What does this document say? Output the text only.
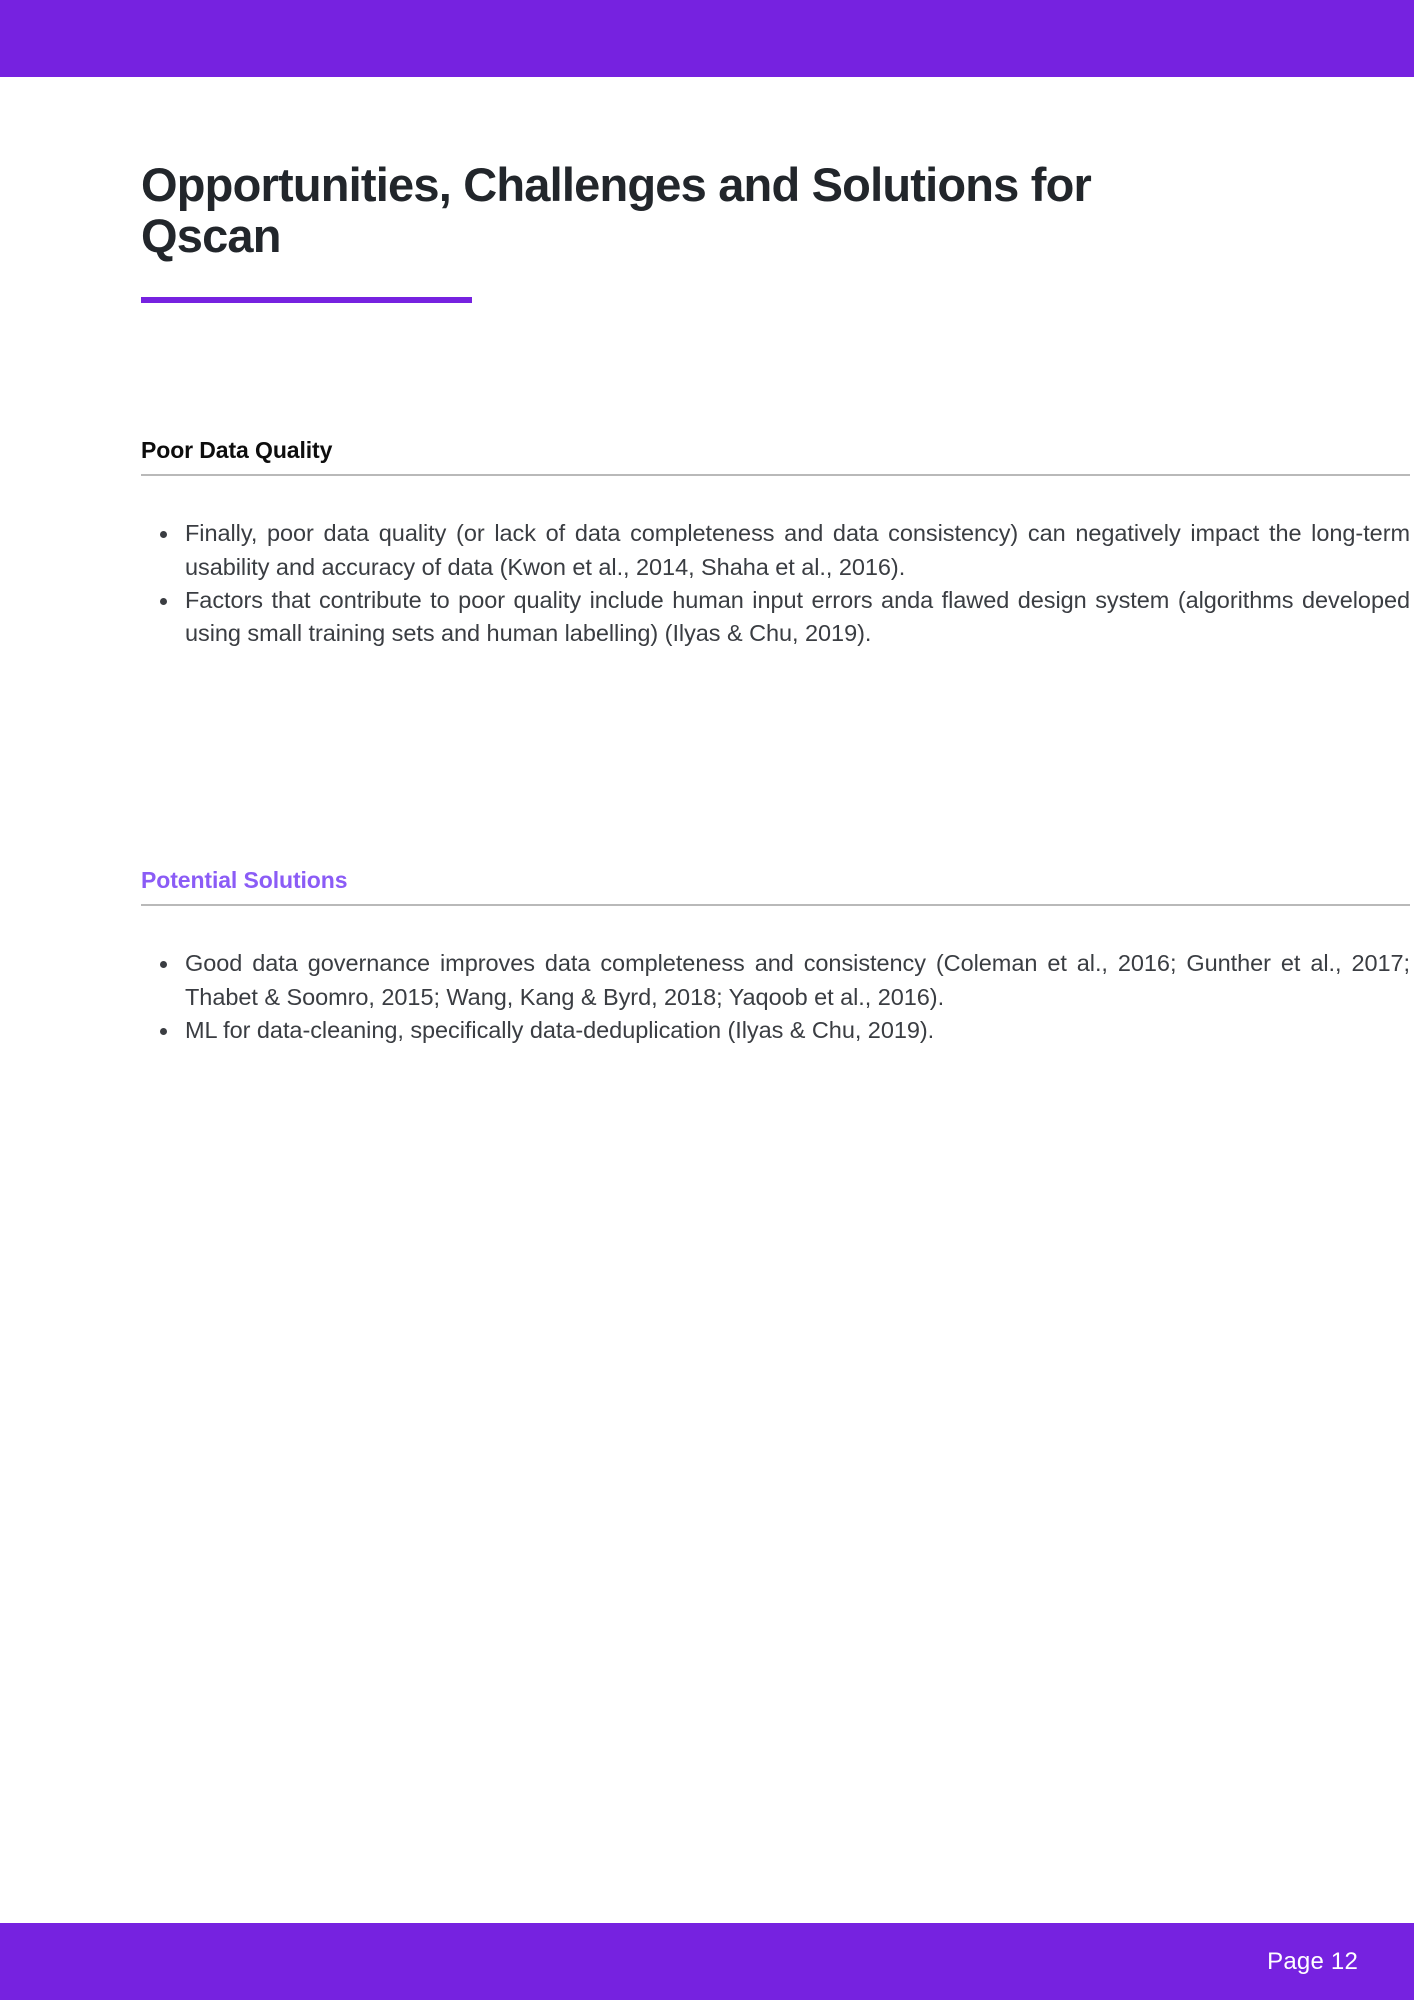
Opportunities, Challenges and Solutions for Qscan
Poor Data Quality
Finally, poor data quality (or lack of data completeness and data consistency) can negatively impact the long-term usability and accuracy of data (Kwon et al., 2014, Shaha et al., 2016).
Factors that contribute to poor quality include human input errors anda flawed design system (algorithms developed using small training sets and human labelling) (Ilyas & Chu, 2019).
Potential Solutions
Good data governance improves data completeness and consistency (Coleman et al., 2016; Gunther et al., 2017; Thabet & Soomro, 2015; Wang, Kang & Byrd, 2018; Yaqoob et al., 2016).
ML for data-cleaning, specifically data-deduplication (Ilyas & Chu, 2019).
Page 12
